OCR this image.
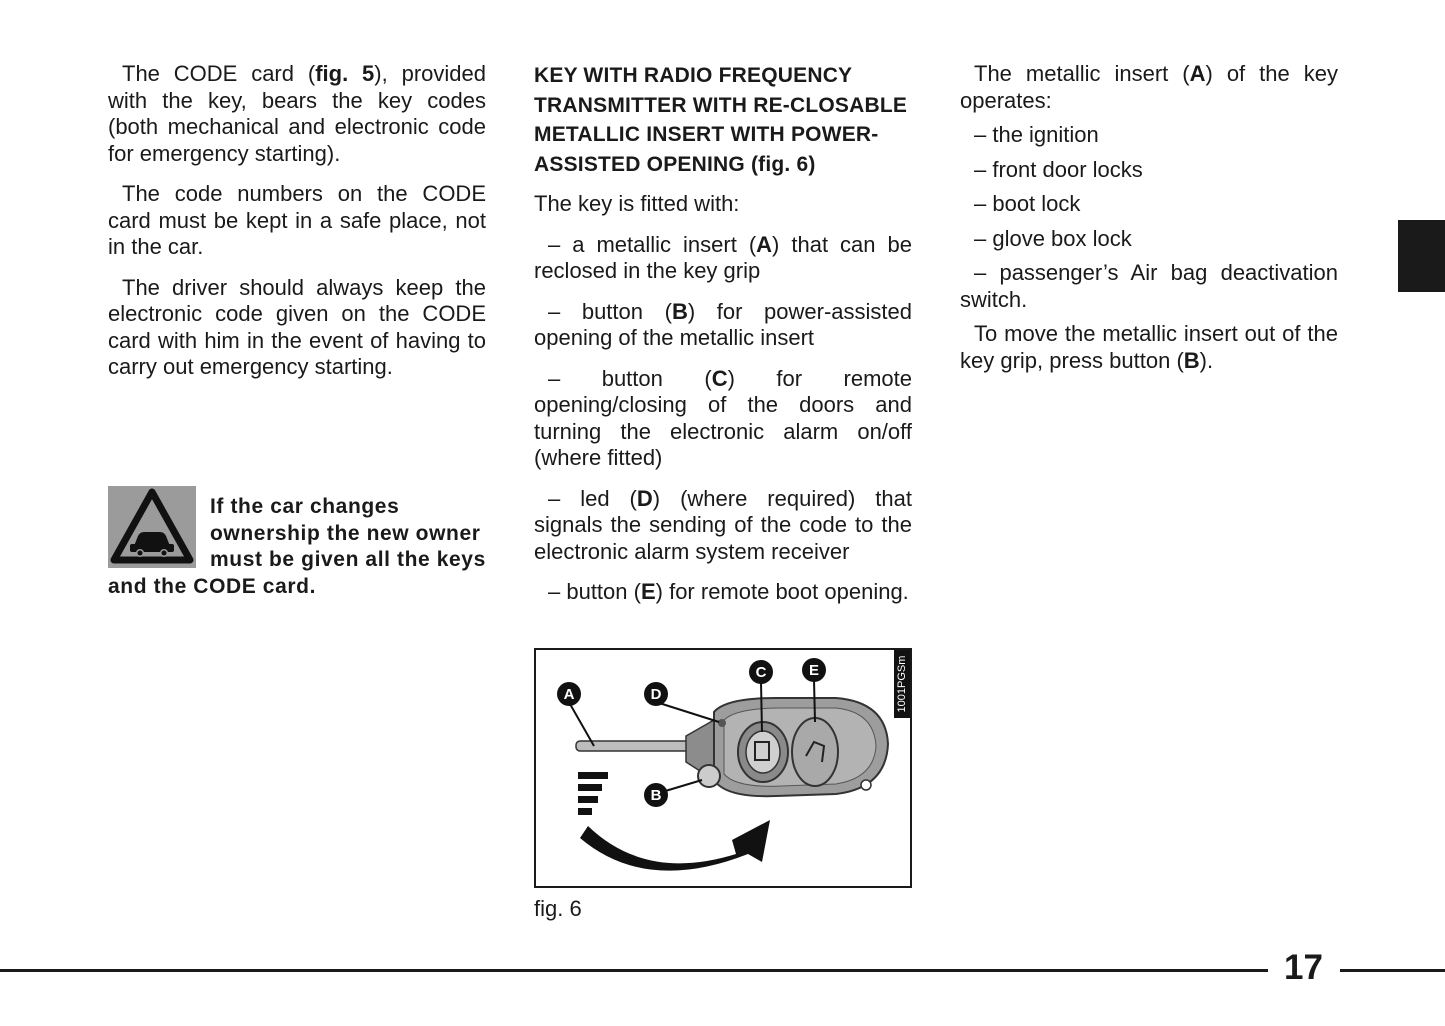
The CODE card (fig. 5), provided with the key, bears the key codes (both mechanical and electronic code for emergency starting).

The code numbers on the CODE card must be kept in a safe place, not in the car.

The driver should always keep the electronic code given on the CODE card with him in the event of having to carry out emergency starting.

If the car changes ownership the new owner must be given all the keys and the CODE card.

KEY WITH RADIO FREQUENCY TRANSMITTER WITH RE-CLOSABLE METALLIC INSERT WITH POWER-ASSISTED OPENING (fig. 6)

The key is fitted with:

– a metallic insert (A) that can be reclosed in the key grip

– button (B) for power-assisted opening of the metallic insert

– button (C) for remote opening/closing of the doors and turning the electronic alarm on/off (where fitted)

– led (D) (where required) that signals the sending of the code to the electronic alarm system receiver

– button (E) for remote boot opening.

A
B
C
D
E	1001PGSm
fig. 6

The metallic insert (A) of the key operates:

– the ignition

– front door locks

– boot lock

– glove box lock

– passenger’s Air bag deactivation switch.

To move the metallic insert out of the key grip, press button (B).

17
